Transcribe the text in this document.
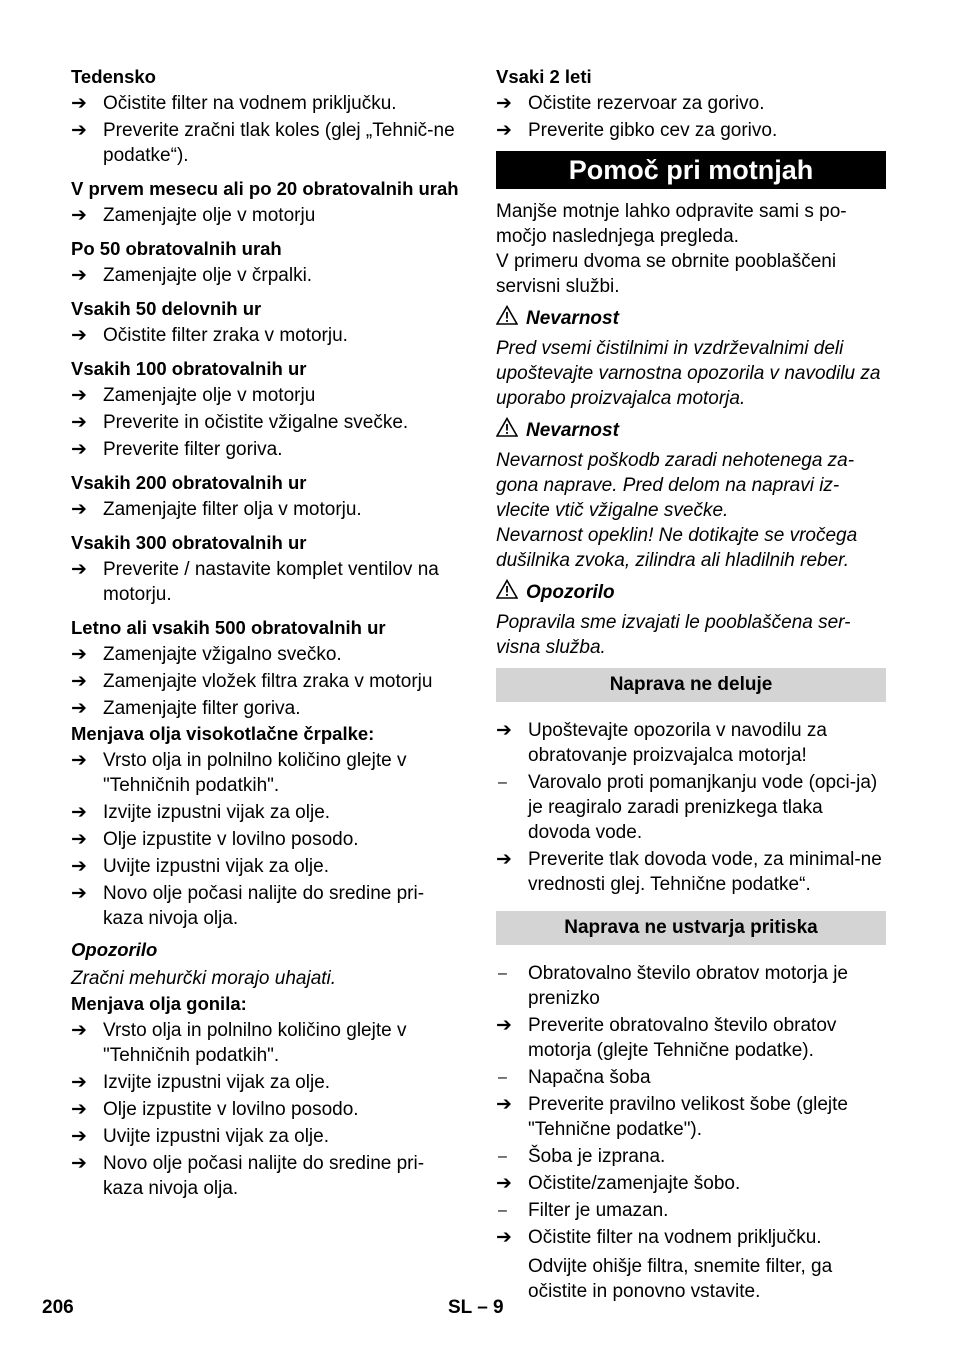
Tedensko

➔ Očistite filter na vodnem priključku.
➔ Preverite zračni tlak koles (glej „Tehnič-ne podatke“).

V prvem mesecu ali po 20 obratovalnih urah

➔ Zamenjajte olje v motorju

Po 50 obratovalnih urah

➔ Zamenjajte olje v črpalki.

Vsakih 50 delovnih ur

➔ Očistite filter zraka v motorju.

Vsakih 100 obratovalnih ur

➔ Zamenjajte olje v motorju
➔ Preverite in očistite vžigalne svečke.
➔ Preverite filter goriva.

Vsakih 200 obratovalnih ur

➔ Zamenjajte filter olja v motorju.

Vsakih 300 obratovalnih ur

➔ Preverite / nastavite komplet ventilov na motorju.

Letno ali vsakih 500 obratovalnih ur

➔ Zamenjajte vžigalno svečko.
➔ Zamenjajte vložek filtra zraka v motorju
➔ Zamenjajte filter goriva.

Menjava olja visokotlačne črpalke:

➔ Vrsto olja in polnilno količino glejte v "Tehničnih podatkih".
➔ Izvijte izpustni vijak za olje.
➔ Olje izpustite v lovilno posodo.
➔ Uvijte izpustni vijak za olje.
➔ Novo olje počasi nalijte do sredine pri-kaza nivoja olja.

Opozorilo

Zračni mehurčki morajo uhajati.

Menjava olja gonila:

➔ Vrsto olja in polnilno količino glejte v "Tehničnih podatkih".
➔ Izvijte izpustni vijak za olje.
➔ Olje izpustite v lovilno posodo.
➔ Uvijte izpustni vijak za olje.
➔ Novo olje počasi nalijte do sredine pri-kaza nivoja olja.

Vsaki 2 leti

➔ Očistite rezervoar za gorivo.
➔ Preverite gibko cev za gorivo.
Pomoč pri motnjah

Manjše motnje lahko odpravite sami s po-močjo naslednjega pregleda.

V primeru dvoma se obrnite pooblaščeni servisni službi.

Nevarnost

Pred vsemi čistilnimi in vzdrževalnimi deli upoštevajte varnostna opozorila v navodilu za uporabo proizvajalca motorja.

Nevarnost

Nevarnost poškodb zaradi nehotenega za-gona naprave. Pred delom na napravi iz-vlecite vtič vžigalne svečke.

Nevarnost opeklin! Ne dotikajte se vročega dušilnika zvoka, zilindra ali hladilnih reber.

Opozorilo

Popravila sme izvajati le pooblaščena ser-visna služba.

Naprava ne deluje
➔ Upoštevajte opozorila v navodilu za obratovanje proizvajalca motorja!
–	Varovalo proti pomanjkanju vode (opci-ja) je reagiralo zaradi prenizkega tlaka dovoda vode.
➔ Preverite tlak dovoda vode, za minimal-ne vrednosti glej. Tehnične podatke“.
Naprava ne ustvarja pritiska
–	Obratovalno število obratov motorja je prenizko
➔ Preverite obratovalno število obratov motorja (glejte Tehnične podatke).
–	Napačna šoba
➔ Preverite pravilno velikost šobe (glejte "Tehnične podatke").
–	Šoba je izprana.
➔ Očistite/zamenjajte šobo.
–	Filter je umazan.
➔ Očistite filter na vodnem priključku.
Odvijte ohišje filtra, snemite filter, ga očistite in ponovno vstavite.
206	SL – 9
